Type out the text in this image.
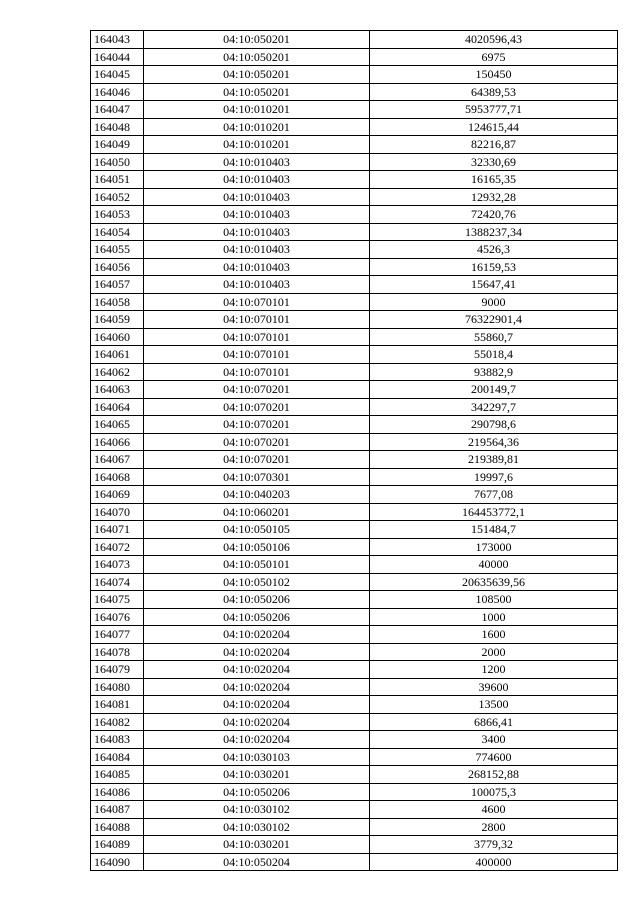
164043	04:10:050201	4020596,43
164044	04:10:050201	6975
164045	04:10:050201	150450
164046	04:10:050201	64389,53
164047	04:10:010201	5953777,71
164048	04:10:010201	124615,44
164049	04:10:010201	82216,87
164050	04:10:010403	32330,69
164051	04:10:010403	16165,35
164052	04:10:010403	12932,28
164053	04:10:010403	72420,76
164054	04:10:010403	1388237,34
164055	04:10:010403	4526,3
164056	04:10:010403	16159,53
164057	04:10:010403	15647,41
164058	04:10:070101	9000
164059	04:10:070101	76322901,4
164060	04:10:070101	55860,7
164061	04:10:070101	55018,4
164062	04:10:070101	93882,9
164063	04:10:070201	200149,7
164064	04:10:070201	342297,7
164065	04:10:070201	290798,6
164066	04:10:070201	219564,36
164067	04:10:070201	219389,81
164068	04:10:070301	19997,6
164069	04:10:040203	7677,08
164070	04:10:060201	164453772,1
164071	04:10:050105	151484,7
164072	04:10:050106	173000
164073	04:10:050101	40000
164074	04:10:050102	20635639,56
164075	04:10:050206	108500
164076	04:10:050206	1000
164077	04:10:020204	1600
164078	04:10:020204	2000
164079	04:10:020204	1200
164080	04:10:020204	39600
164081	04:10:020204	13500
164082	04:10:020204	6866,41
164083	04:10:020204	3400
164084	04:10:030103	774600
164085	04:10:030201	268152,88
164086	04:10:050206	100075,3
164087	04:10:030102	4600
164088	04:10:030102	2800
164089	04:10:030201	3779,32
164090	04:10:050204	400000
